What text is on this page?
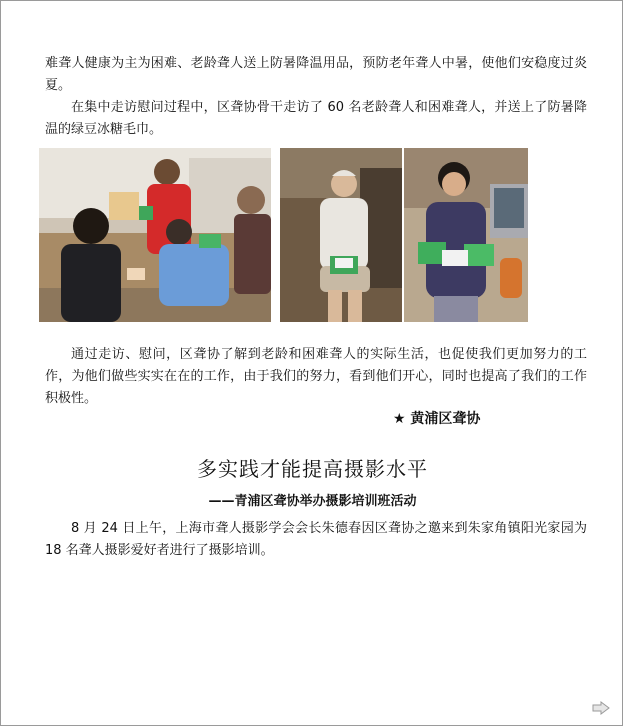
难聋人健康为主为困难、老龄聋人送上防暑降温用品，预防老年聋人中暑，使他们安稳度过炎夏。

在集中走访慰问过程中，区聋协骨干走访了 60 名老龄聋人和困难聋人，并送上了防暑降温的绿豆冰糖毛巾。

通过走访、慰问，区聋协了解到老龄和困难聋人的实际生活，也促使我们更加努力的工作，为他们做些实实在在的工作，由于我们的努力，看到他们开心，同时也提高了我们的工作积极性。

★ 黄浦区聋协

多实践才能提高摄影水平

——青浦区聋协举办摄影培训班活动

8 月 24 日上午，上海市聋人摄影学会会长朱德春因区聋协之邀来到朱家角镇阳光家园为 18 名聋人摄影爱好者进行了摄影培训。
